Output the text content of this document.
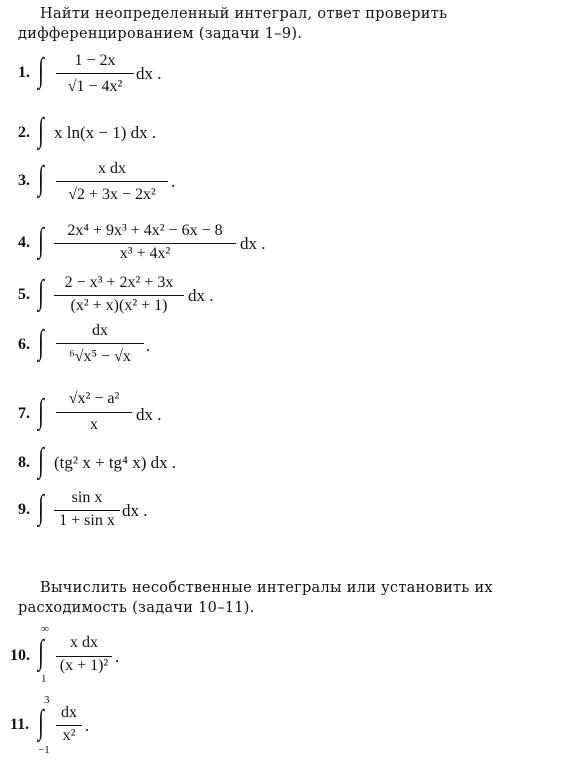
Найти неопределенный интеграл, ответ проверить дифференцированием (задачи 1–9).
1. ∫	1 − 2x
√1 − 4x²
dx .
2. ∫ x ln(x − 1) dx .
3. ∫	x dx
√2 + 3x − 2x²
.
4. ∫	2x⁴ + 9x³ + 4x² − 6x − 8
x³ + 4x²
dx .
5. ∫	2 − x³ + 2x² + 3x
(x² + x)(x² + 1)
dx .
6. ∫	dx
⁶√x⁵ − √x
.
7. ∫	√x² − a²
x
dx .
8. ∫ (tg² x + tg⁴ x) dx .
9. ∫	sin x
1 + sin x
dx .
Вычислить несобственные интегралы или установить их расходимость (задачи 10–11).
10.
∞
∫
1
x dx
(x + 1)² .
11.
3
∫
−1
dx
x²
.
